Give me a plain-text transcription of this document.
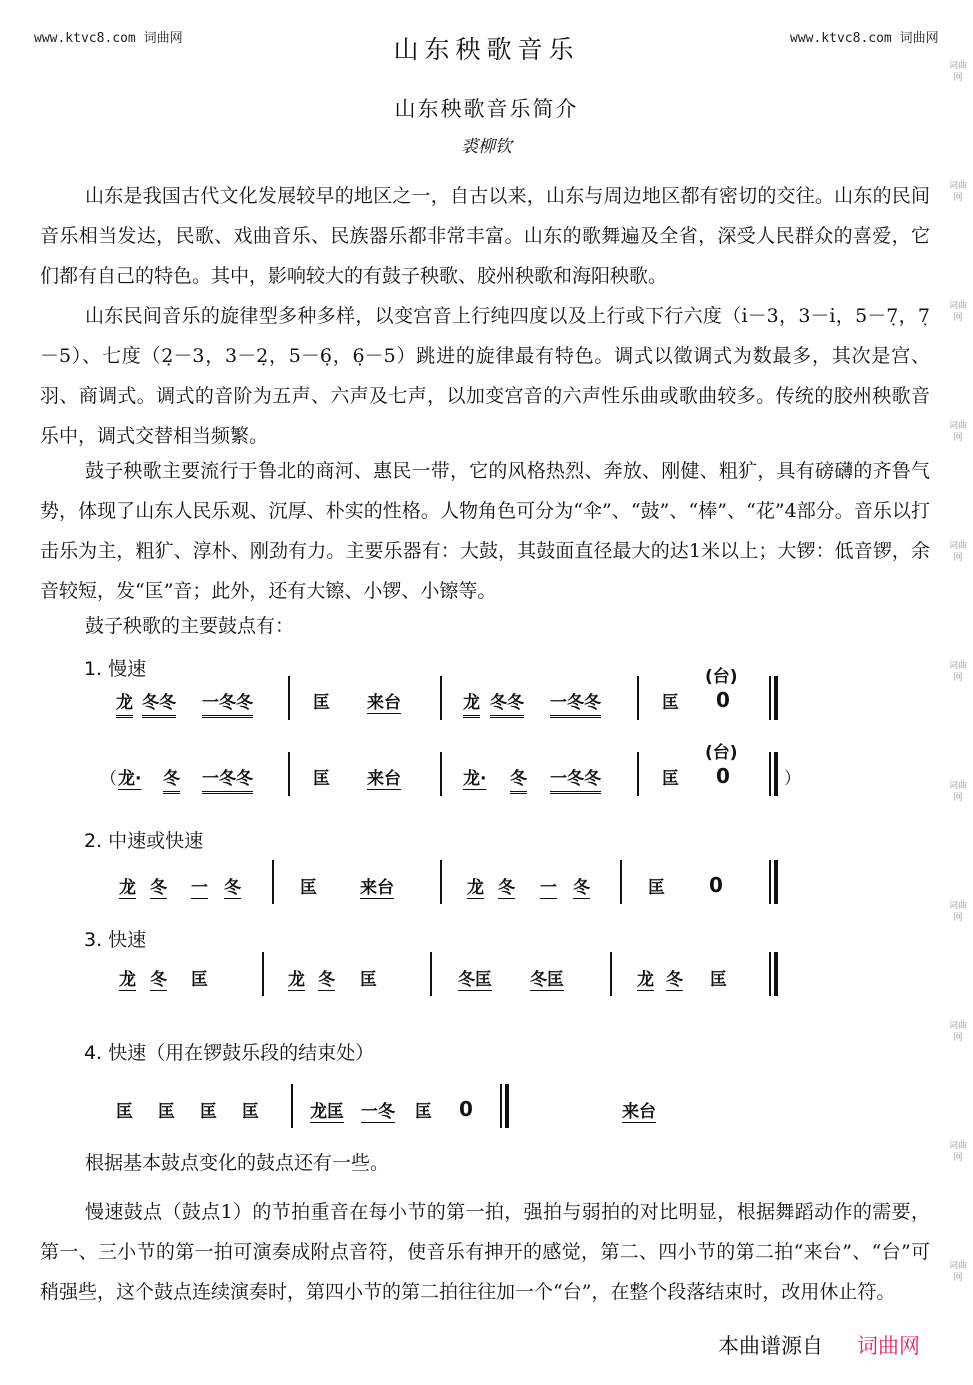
www.ktvc8.com 词曲网	www.ktvc8.com 词曲网
山东秧歌音乐
山东秧歌音乐简介
裘柳钦

山东是我国古代文化发展较早的地区之一，自古以来，山东与周边地区都有密切的交往。山东的民间音乐相当发达，民歌、戏曲音乐、民族器乐都非常丰富。山东的歌舞遍及全省，深受人民群众的喜爱，它们都有自己的特色。其中，影响较大的有鼓子秧歌、胶州秧歌和海阳秧歌。

山东民间音乐的旋律型多种多样，以变宫音上行纯四度以及上行或下行六度（i̇－3，3－i̇，5－7̣，7̣－5）、七度（2̣－3，3－2̣，5－6̣，6̣－5）跳进的旋律最有特色。调式以徵调式为数最多，其次是宫、羽、商调式。调式的音阶为五声、六声及七声，以加变宫音的六声性乐曲或歌曲较多。传统的胶州秧歌音乐中，调式交替相当频繁。

鼓子秧歌主要流行于鲁北的商河、惠民一带，它的风格热烈、奔放、刚健、粗犷，具有磅礴的齐鲁气势，体现了山东人民乐观、沉厚、朴实的性格。人物角色可分为“伞”、“鼓”、“棒”、“花”4部分。音乐以打击乐为主，粗犷、淳朴、刚劲有力。主要乐器有：大鼓，其鼓面直径最大的达1米以上；大锣：低音锣，余音较短，发“匡”音；此外，还有大镲、小锣、小镲等。

鼓子秧歌的主要鼓点有：

1. 慢速
龙 冬冬 一冬冬	匡 来台	龙 冬冬 一冬冬	匡 0
(台)
（ 龙· 冬 一冬冬	匡 来台	龙· 冬 一冬冬	匡 0
(台)
）
2. 中速或快速
龙 冬 一 冬	匡	来台	龙 冬 一 冬	匡 0
3. 快速
龙 冬 匡	龙 冬 匡	冬匡 冬匡	龙 冬 匡
4. 快速（用在锣鼓乐段的结束处）
匡 匡 匡 匡	龙匡 一冬 匡 0	来台

根据基本鼓点变化的鼓点还有一些。

慢速鼓点（鼓点1）的节拍重音在每小节的第一拍，强拍与弱拍的对比明显，根据舞蹈动作的需要，第一、三小节的第一拍可演奏成附点音符，使音乐有抻开的感觉，第二、四小节的第二拍“来台”、“台”可稍强些，这个鼓点连续演奏时，第四小节的第二拍往往加一个“台”，在整个段落结束时，改用休止符。

词曲网
词曲网
词曲网
词曲网
词曲网
词曲网
词曲网
词曲网
词曲网
词曲网
词曲网
本曲谱源自 词曲网
